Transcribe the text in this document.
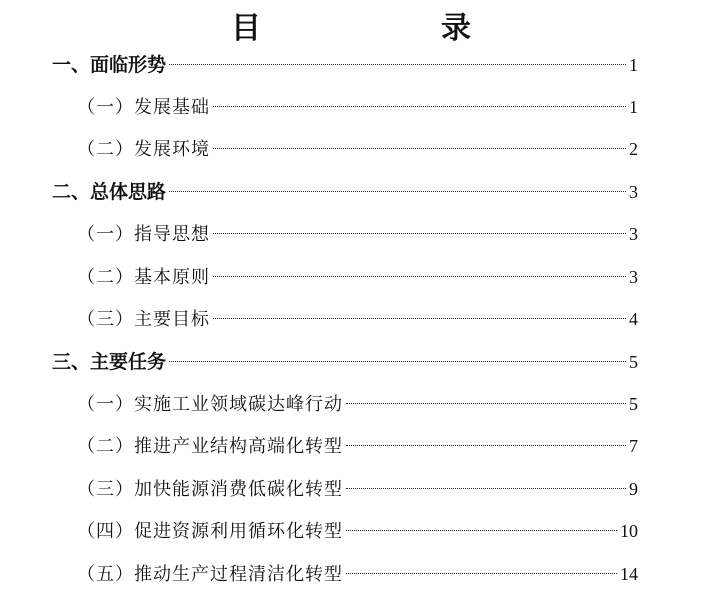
目　　录
一、面临形势	1
（一）发展基础	1
（二）发展环境	2
二、总体思路	3
（一）指导思想	3
（二）基本原则	3
（三）主要目标	4
三、主要任务	5
（一）实施工业领域碳达峰行动	5
（二）推进产业结构高端化转型	7
（三）加快能源消费低碳化转型	9
（四）促进资源利用循环化转型	10
（五）推动生产过程清洁化转型	14
